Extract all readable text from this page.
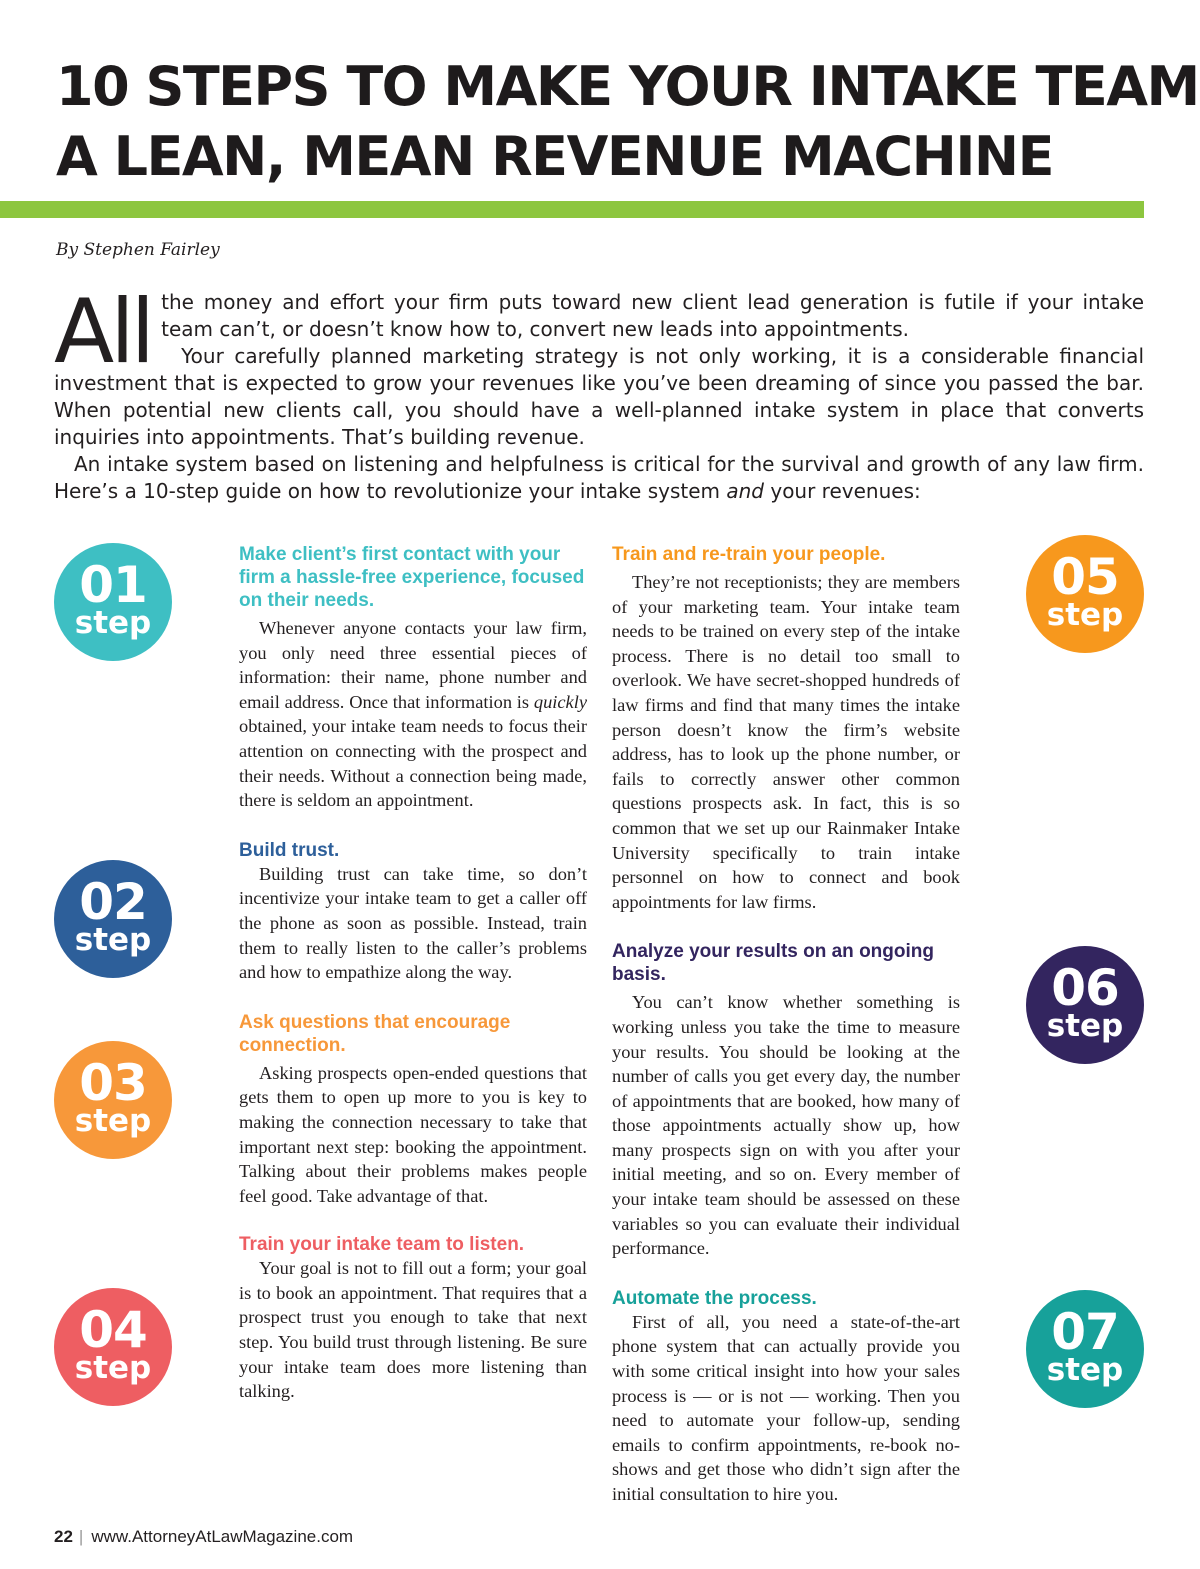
10 STEPS TO MAKE YOUR INTAKE TEAM
A LEAN, MEAN REVENUE MACHINE
By Stephen Fairley
All the money and effort your firm puts toward new client lead generation is futile if your intake team can’t, or doesn’t know how to, convert new leads into appointments.

Your carefully planned marketing strategy is not only working, it is a considerable financial investment that is expected to grow your revenues like you’ve been dreaming of since you passed the bar. When potential new clients call, you should have a well-planned intake system in place that converts inquiries into appointments. That’s building revenue.

An intake system based on listening and helpfulness is critical for the survival and growth of any law firm. Here’s a 10-step guide on how to revolutionize your intake system and your revenues:

01
step
02
step
03
step
04
step
05
step
06
step
07
step
Make client’s first contact with your firm a hassle-free experience, focused on their needs.

Whenever anyone contacts your law firm, you only need three essential pieces of information: their name, phone number and email address. Once that information is quickly obtained, your intake team needs to focus their attention on connecting with the prospect and their needs. Without a connection being made, there is seldom an appointment.

Build trust.

Building trust can take time, so don’t incentivize your intake team to get a caller off the phone as soon as possible. Instead, train them to really listen to the caller’s problems and how to empathize along the way.

Ask questions that encourage connection.

Asking prospects open-ended questions that gets them to open up more to you is key to making the connection necessary to take that important next step: booking the appointment. Talking about their problems makes people feel good. Take advantage of that.

Train your intake team to listen.

Your goal is not to fill out a form; your goal is to book an appointment. That requires that a prospect trust you enough to take that next step. You build trust through listening. Be sure your intake team does more listening than talking.

Train and re-train your people.

They’re not receptionists; they are members of your marketing team. Your intake team needs to be trained on every step of the intake process. There is no detail too small to overlook. We have secret-shopped hundreds of law firms and find that many times the intake person doesn’t know the firm’s website address, has to look up the phone number, or fails to correctly answer other common questions prospects ask. In fact, this is so common that we set up our Rainmaker Intake University specifically to train intake personnel on how to connect and book appointments for law firms.

Analyze your results on an ongoing basis.

You can’t know whether something is working unless you take the time to measure your results. You should be looking at the number of calls you get every day, the number of appointments that are booked, how many of those appointments actually show up, how many prospects sign on with you after your initial meeting, and so on. Every member of your intake team should be assessed on these variables so you can evaluate their individual performance.

Automate the process.

First of all, you need a state-of-the-art phone system that can actually provide you with some critical insight into how your sales process is — or is not — working. Then you need to automate your follow-up, sending emails to confirm appointments, re-book no-shows and get those who didn’t sign after the initial consultation to hire you.

22 | www.AttorneyAtLawMagazine.com
